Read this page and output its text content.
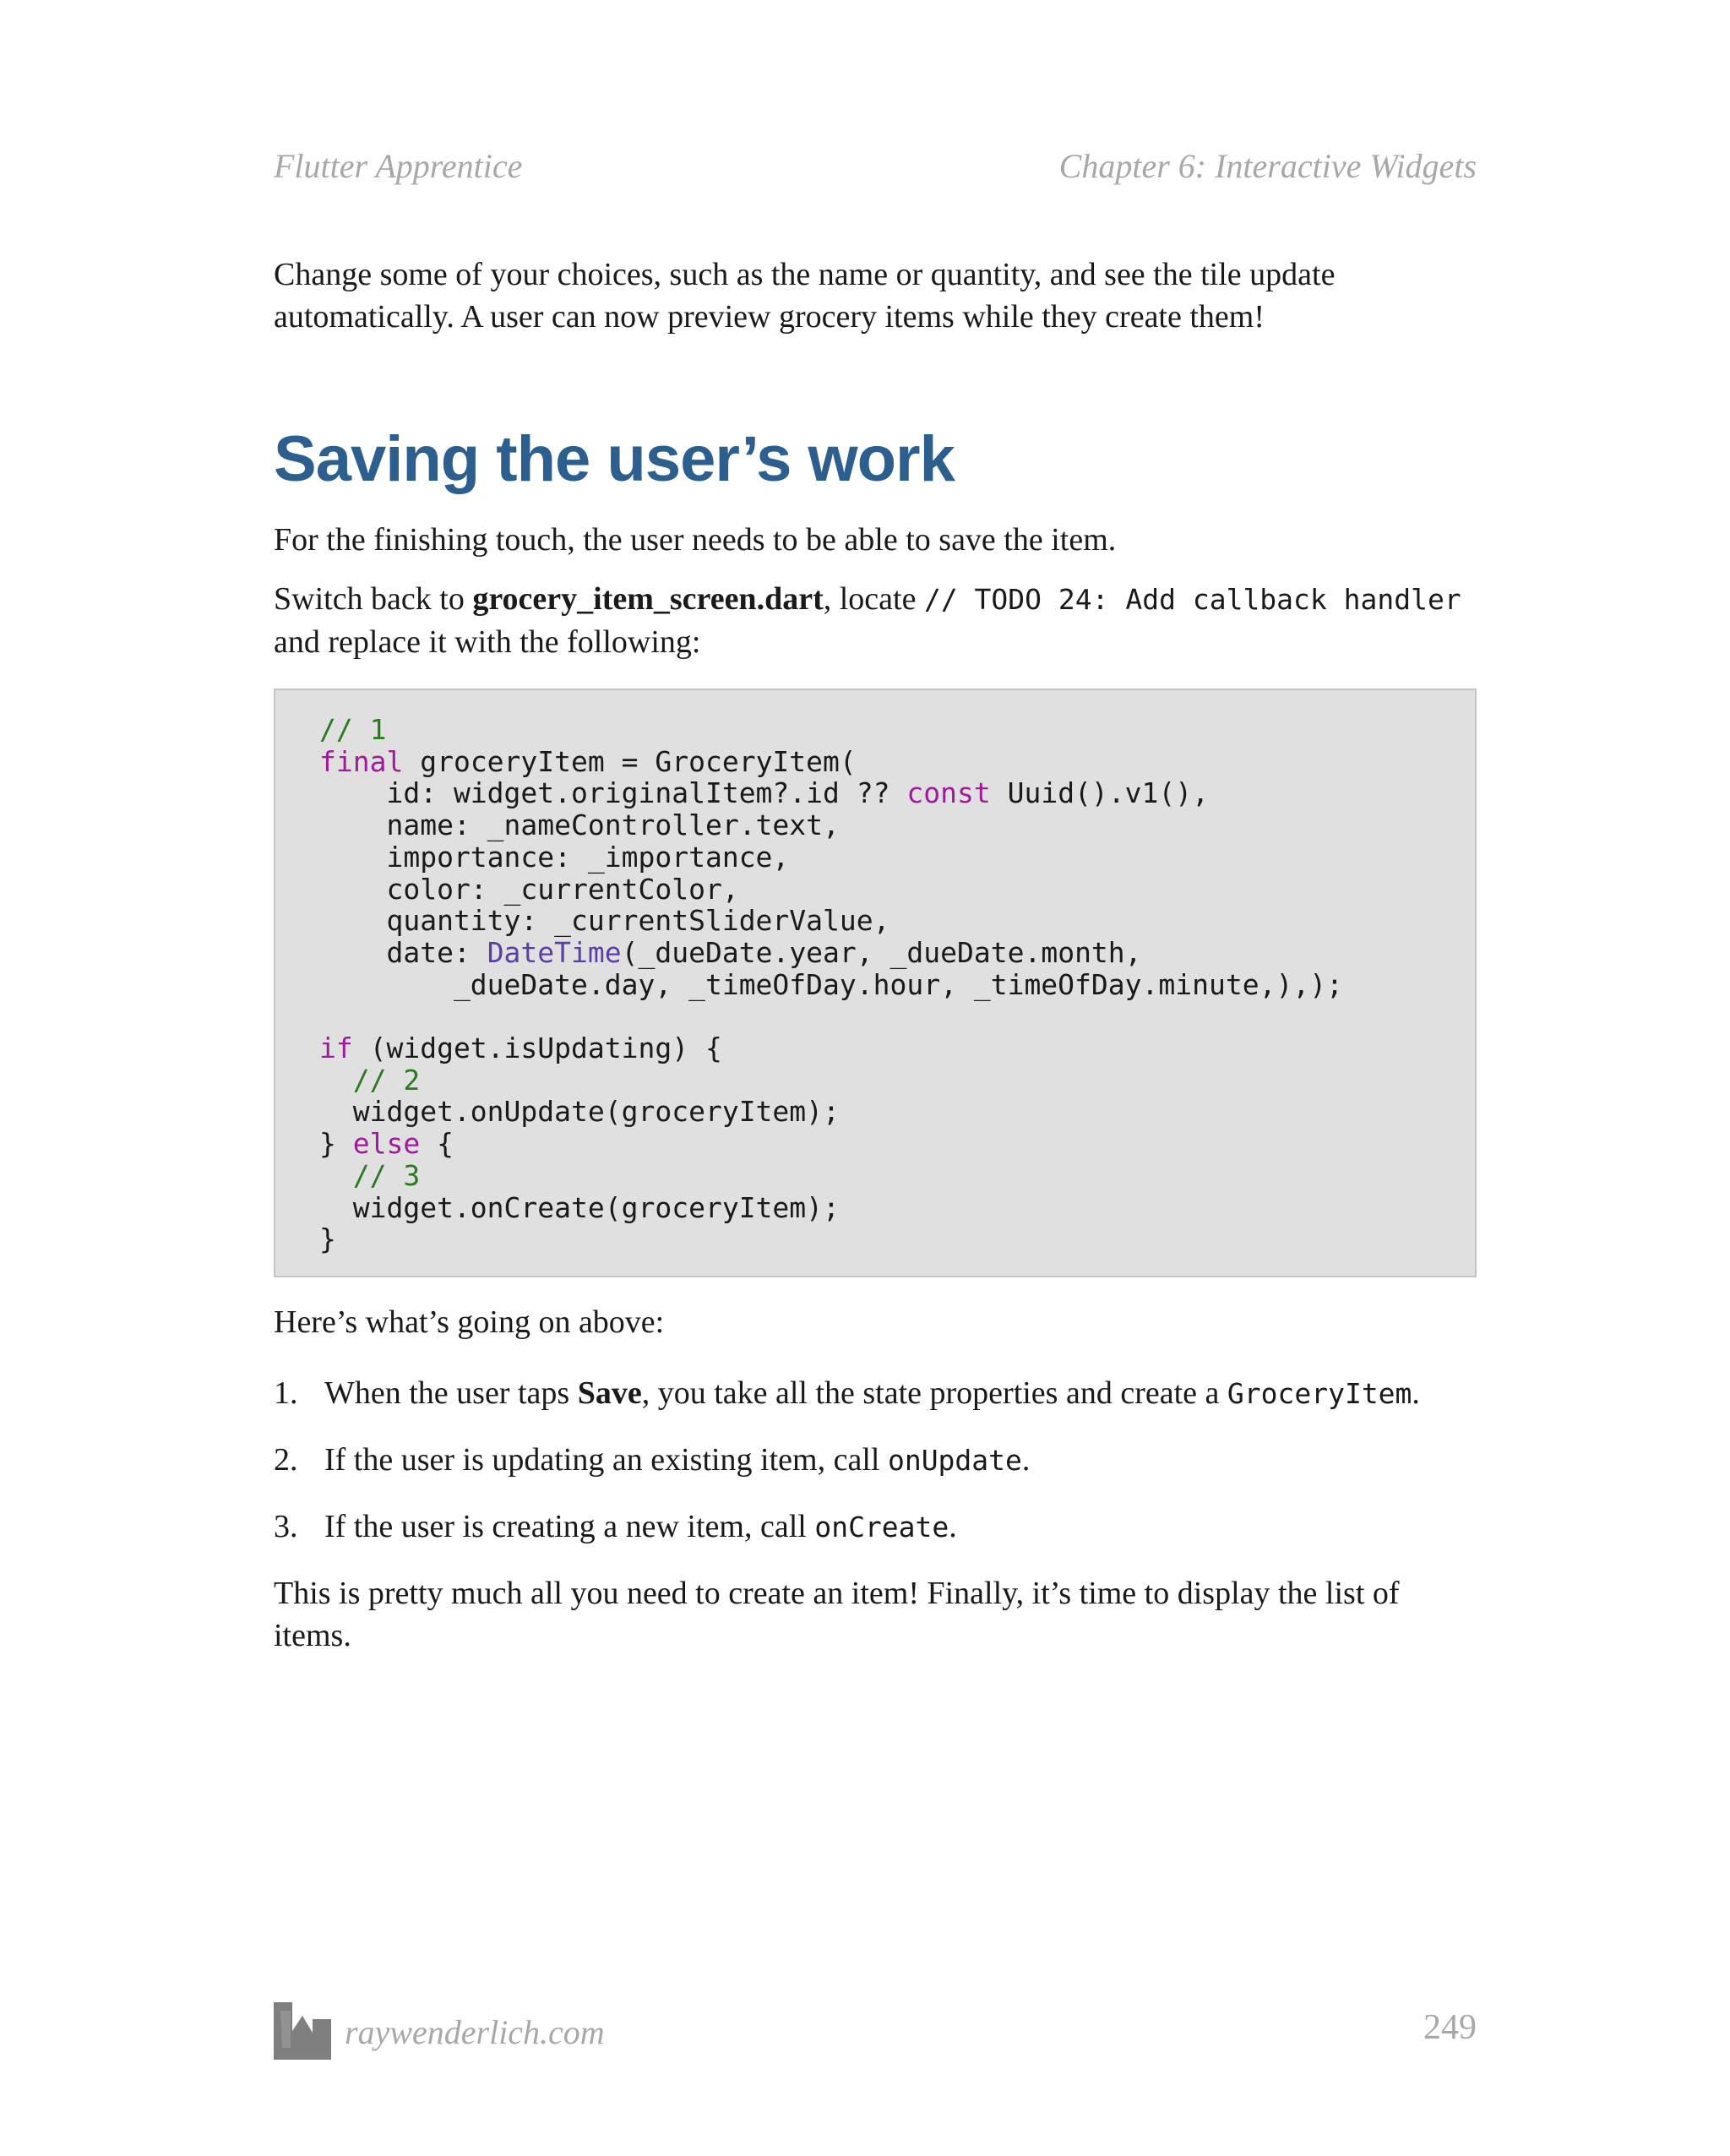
Flutter Apprentice	Chapter 6: Interactive Widgets

Change some of your choices, such as the name or quantity, and see the tile update automatically. A user can now preview grocery items while they create them!

Saving the user’s work

For the finishing touch, the user needs to be able to save the item.

Switch back to grocery_item_screen.dart, locate // TODO 24: Add callback handler and replace it with the following:

// 1
final groceryItem = GroceryItem(
id: widget.originalItem?.id ?? const Uuid().v1(),
name: _nameController.text,
importance: _importance,
color: _currentColor,
quantity: _currentSliderValue,
date: DateTime(_dueDate.year, _dueDate.month,
_dueDate.day, _timeOfDay.hour, _timeOfDay.minute,),);

if (widget.isUpdating) {
// 2
widget.onUpdate(groceryItem);
} else {
// 3
widget.onCreate(groceryItem);
}

Here’s what’s going on above:

1. When the user taps Save, you take all the state properties and create a GroceryItem.
2. If the user is updating an existing item, call onUpdate.
3. If the user is creating a new item, call onCreate.

This is pretty much all you need to create an item! Finally, it’s time to display the list of items.

raywenderlich.com	249
